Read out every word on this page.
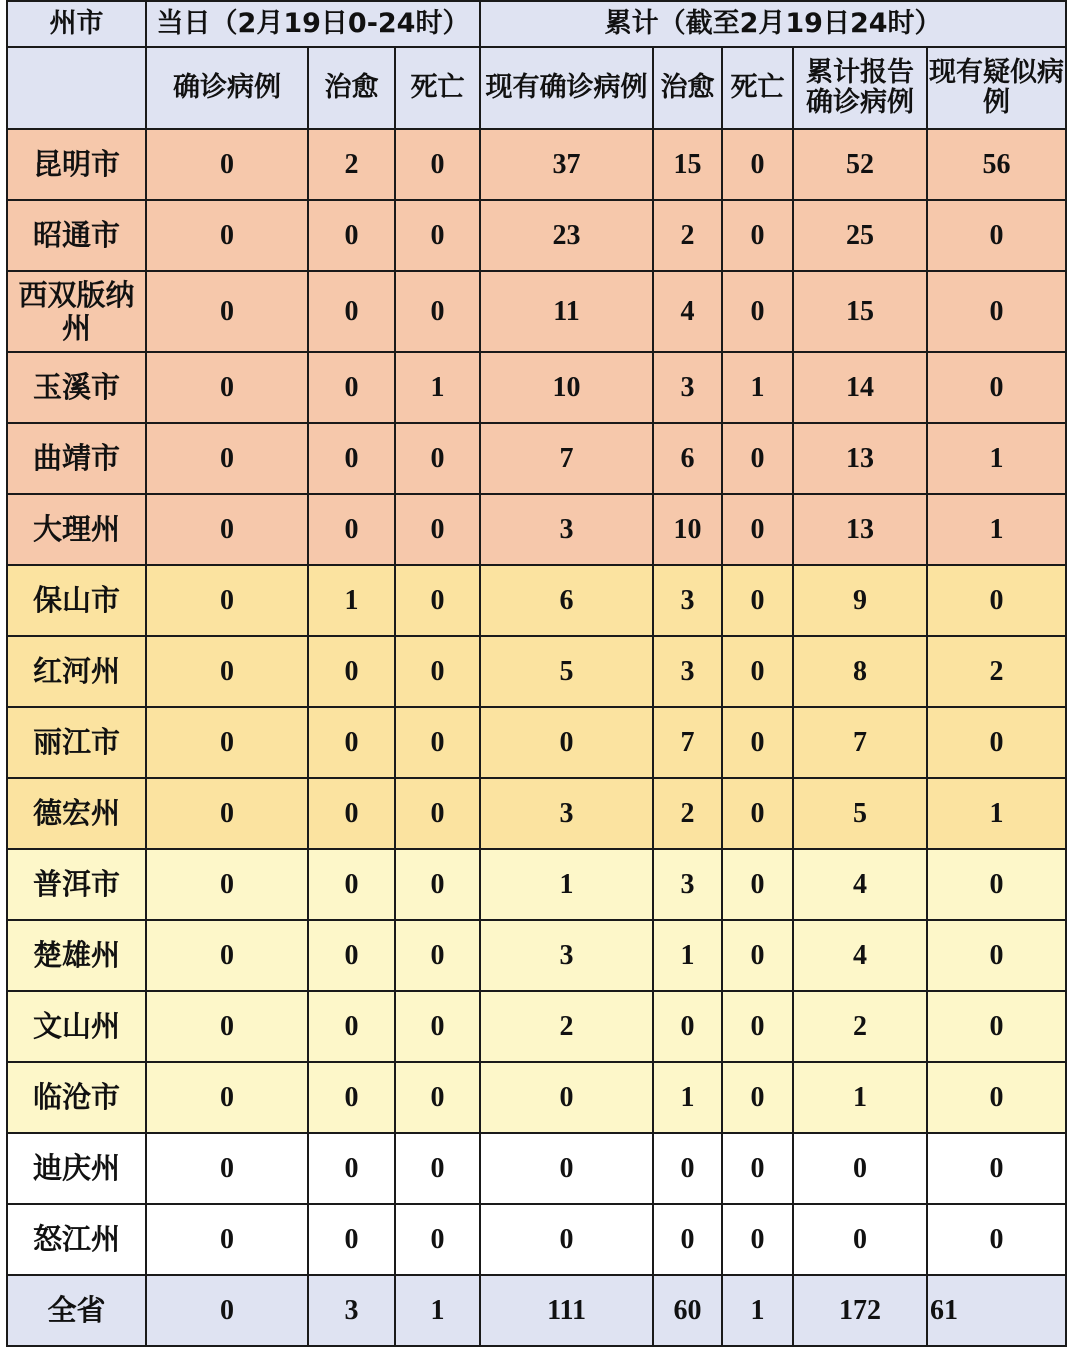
州市	当日（2月19日0-24时）			累计（截至2月19日24时）				
	确诊病例	治愈	死亡	现有确诊病例	治愈	死亡	累计报告确诊病例	现有疑似病例
昆明市	0	2	0	37	15	0	52	56
昭通市	0	0	0	23	2	0	25	0
西双版纳州	0	0	0	11	4	0	15	0
玉溪市	0	0	1	10	3	1	14	0
曲靖市	0	0	0	7	6	0	13	1
大理州	0	0	0	3	10	0	13	1
保山市	0	1	0	6	3	0	9	0
红河州	0	0	0	5	3	0	8	2
丽江市	0	0	0	0	7	0	7	0
德宏州	0	0	0	3	2	0	5	1
普洱市	0	0	0	1	3	0	4	0
楚雄州	0	0	0	3	1	0	4	0
文山州	0	0	0	2	0	0	2	0
临沧市	0	0	0	0	1	0	1	0
迪庆州	0	0	0	0	0	0	0	0
怒江州	0	0	0	0	0	0	0	0
全省	0	3	1	111	60	1	172	61
